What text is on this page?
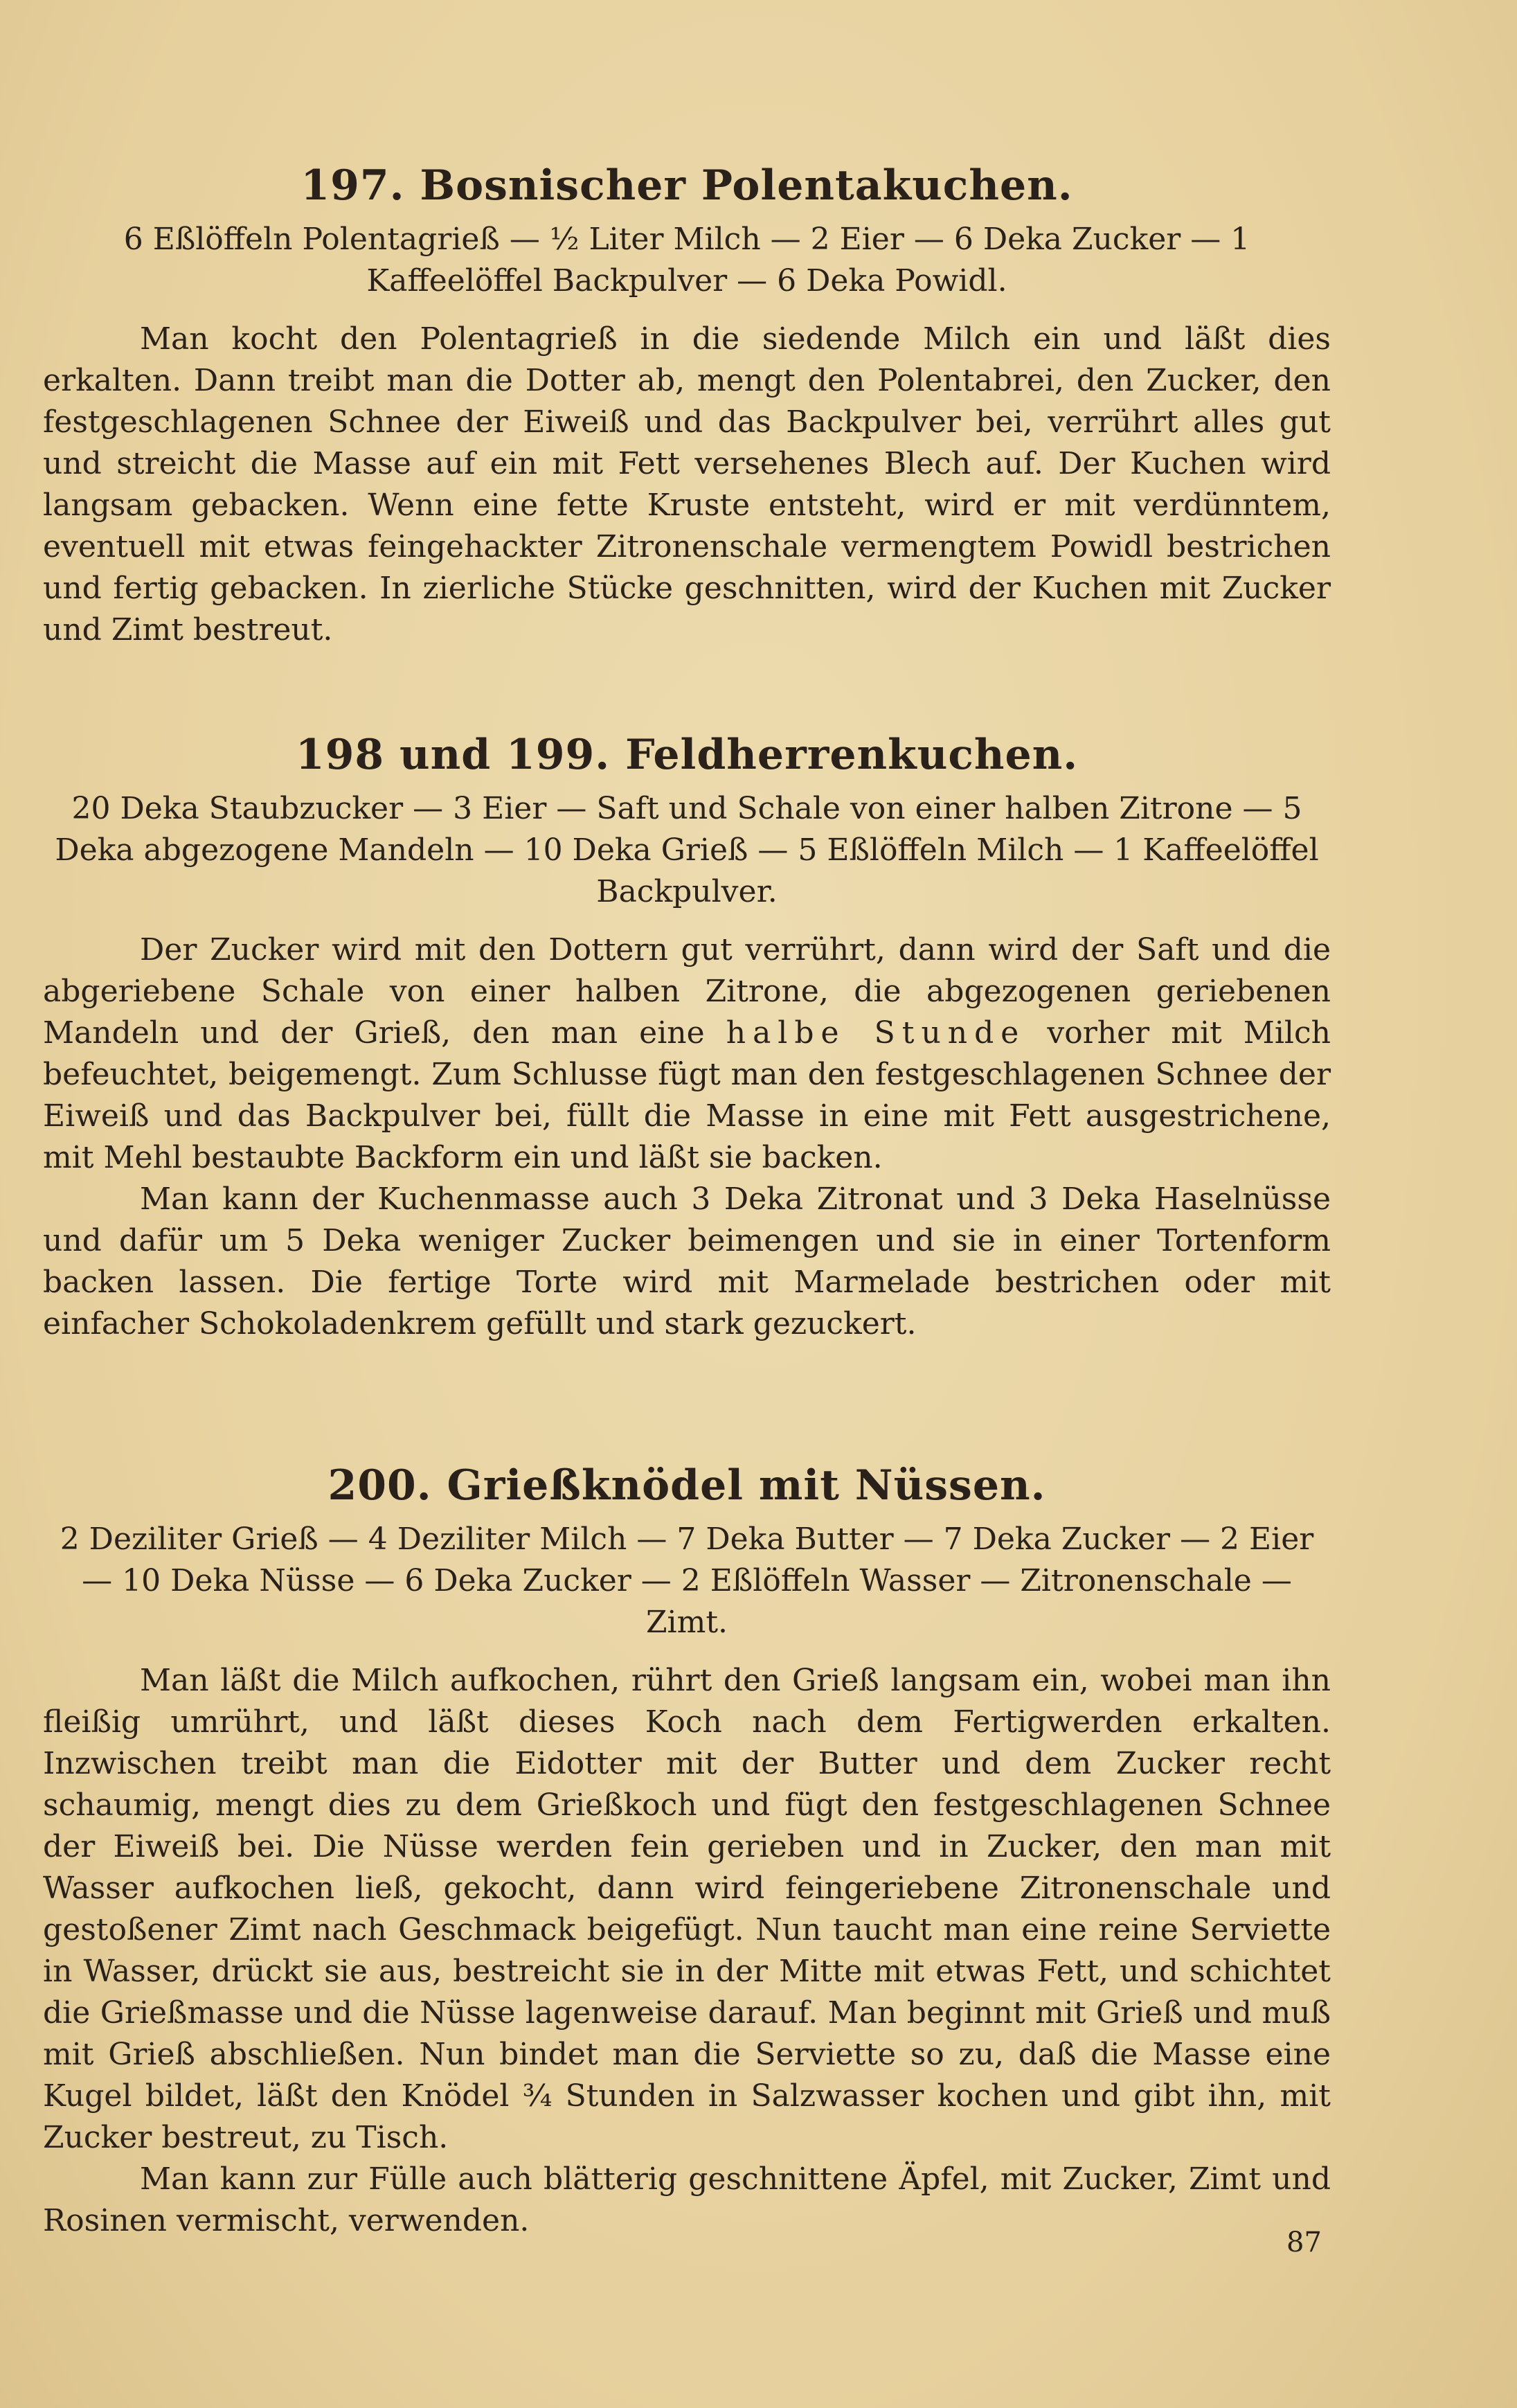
197. Bosnischer Polentakuchen.

6 Eßlöffeln Polentagrieß — ½ Liter Milch — 2 Eier — 6 Deka Zucker — 1 Kaffeelöffel Backpulver — 6 Deka Powidl.

Man kocht den Polentagrieß in die siedende Milch ein und läßt dies erkalten. Dann treibt man die Dotter ab, mengt den Polentabrei, den Zucker, den festgeschlagenen Schnee der Eiweiß und das Backpulver bei, verrührt alles gut und streicht die Masse auf ein mit Fett versehenes Blech auf. Der Kuchen wird langsam gebacken. Wenn eine fette Kruste entsteht, wird er mit verdünntem, eventuell mit etwas feingehackter Zitronenschale vermengtem Powidl bestrichen und fertig gebacken. In zierliche Stücke geschnitten, wird der Kuchen mit Zucker und Zimt bestreut.

198 und 199. Feldherrenkuchen.

20 Deka Staubzucker — 3 Eier — Saft und Schale von einer halben Zitrone — 5 Deka abgezogene Mandeln — 10 Deka Grieß — 5 Eßlöffeln Milch — 1 Kaffeelöffel Backpulver.

Der Zucker wird mit den Dottern gut verrührt, dann wird der Saft und die abgeriebene Schale von einer halben Zitrone, die abgezogenen geriebenen Mandeln und der Grieß, den man eine halbe Stunde vorher mit Milch befeuchtet, beigemengt. Zum Schlusse fügt man den festgeschlagenen Schnee der Eiweiß und das Backpulver bei, füllt die Masse in eine mit Fett ausgestrichene, mit Mehl bestaubte Backform ein und läßt sie backen.

Man kann der Kuchenmasse auch 3 Deka Zitronat und 3 Deka Haselnüsse und dafür um 5 Deka weniger Zucker beimengen und sie in einer Tortenform backen lassen. Die fertige Torte wird mit Marmelade bestrichen oder mit einfacher Schokoladenkrem gefüllt und stark gezuckert.

200. Grießknödel mit Nüssen.

2 Deziliter Grieß — 4 Deziliter Milch — 7 Deka Butter — 7 Deka Zucker — 2 Eier — 10 Deka Nüsse — 6 Deka Zucker — 2 Eßlöffeln Wasser — Zitronenschale — Zimt.

Man läßt die Milch aufkochen, rührt den Grieß langsam ein, wobei man ihn fleißig umrührt, und läßt dieses Koch nach dem Fertigwerden erkalten. Inzwischen treibt man die Eidotter mit der Butter und dem Zucker recht schaumig, mengt dies zu dem Grießkoch und fügt den festgeschlagenen Schnee der Eiweiß bei. Die Nüsse werden fein gerieben und in Zucker, den man mit Wasser aufkochen ließ, gekocht, dann wird feingeriebene Zitronenschale und gestoßener Zimt nach Geschmack beigefügt. Nun taucht man eine reine Serviette in Wasser, drückt sie aus, bestreicht sie in der Mitte mit etwas Fett, und schichtet die Grießmasse und die Nüsse lagenweise darauf. Man beginnt mit Grieß und muß mit Grieß abschließen. Nun bindet man die Serviette so zu, daß die Masse eine Kugel bildet, läßt den Knödel ¾ Stunden in Salzwasser kochen und gibt ihn, mit Zucker bestreut, zu Tisch.

Man kann zur Fülle auch blätterig geschnittene Äpfel, mit Zucker, Zimt und Rosinen vermischt, verwenden.

87
